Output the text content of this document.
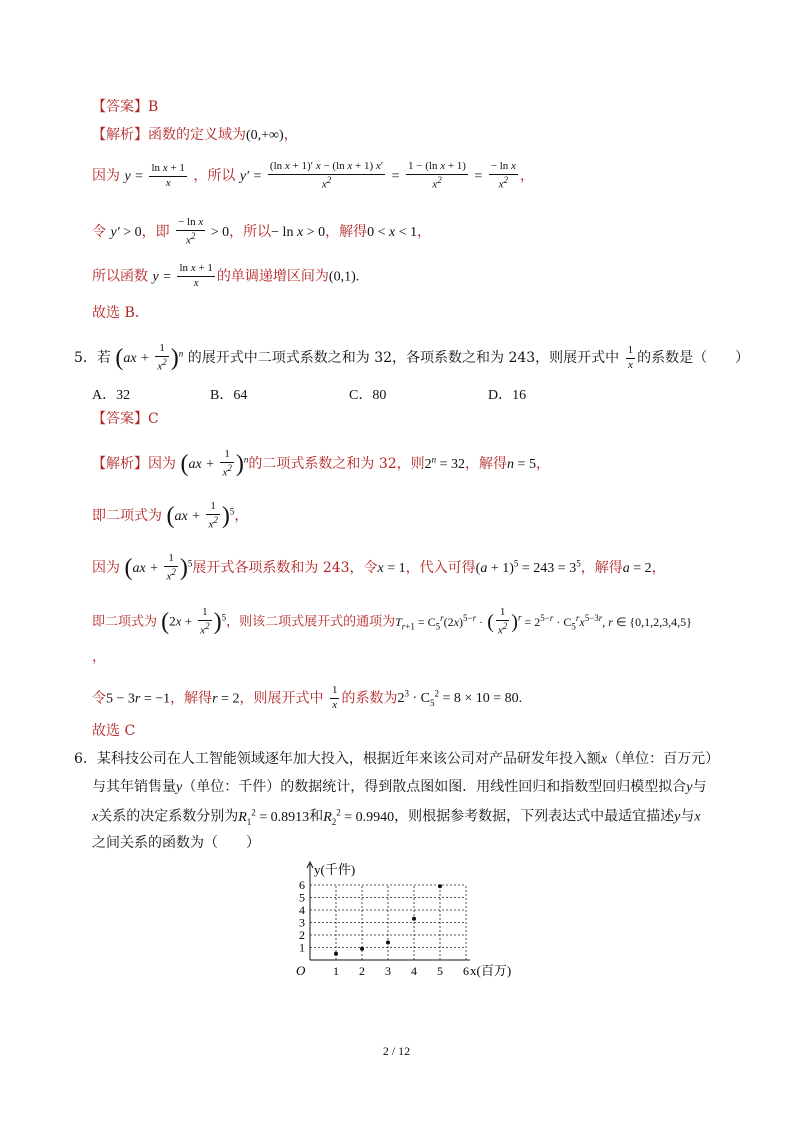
【答案】B
【解析】函数的定义域为(0,+∞)，
因为 $y = \frac{\text{ln x + 1}}{x}$ ，所以 $y' = \frac{\text{(ln x + 1)′ x − (ln x + 1) x′}}{x^2} = \frac{\text{1 − (ln x + 1)}}{x^2} = \frac{\text{− ln x}}{x^2}$ ，
令 y′ > 0，即 $\frac{\text{− ln x}}{x^2} > 0$，所以− ln x > 0，解得0 < x < 1，
所以函数 $y = \frac{\text{ln x + 1}}{x}$ 的单调递增区间为(0,1).
故选 B.
5．若 $(ax + \frac{1}{x^2} )^n$ 的展开式中二项式系数之和为 32，各项系数之和为 243，则展开式中 $\frac{1}{x}$ 的系数是（　　）
A．32	B．64	C．80	D．16
【答案】C
【解析】因为 $(ax + \frac{1}{x^2} )^n$的二项式系数之和为 32，则$2^n = 32$，解得n = 5，
即二项式为 $(ax + \frac{1}{x^2} )^5$，
因为 $(ax + \frac{1}{x^2} )^5$展开式各项系数和为 243，令x = 1，代入可得$(a + 1)^5 = 243 = 3^5$，解得a = 2，
即二项式为 $(2x + \frac{1}{x^2} )^5$，则该二项式展开式的通项为$T_{r+1} = C_5^r(2x)^{5-r}$ · ( $\frac{1}{x^2} )^r = 2^{5-r} \cdot C_5^rx^{5-3r}$, r ∈ {0,1,2,3,4,5}
，
令5 − 3r = −1，解得r = 2，则展开式中 $\frac{1}{x}$ 的系数为$2^3 \cdot C_5^2 = 8 \times 10 = 80$.
故选 C
6．某科技公司在人工智能领域逐年加大投入，根据近年来该公司对产品研发年投入额x（单位：百万元）
与其年销售量y（单位：千件）的数据统计，得到散点图如图．用线性回归和指数型回归模型拟合y与
x关系的决定系数分别为$R_1^2 = 0.8913$和$R_2^2 = 0.9940$，则根据参考数据，下列表达式中最适宜描述y与x
之间关系的函数为（　　）
1 2 3 4 5 6
1
2
3
4
5
6
O	x(百万)
y(千件)
2 / 12
